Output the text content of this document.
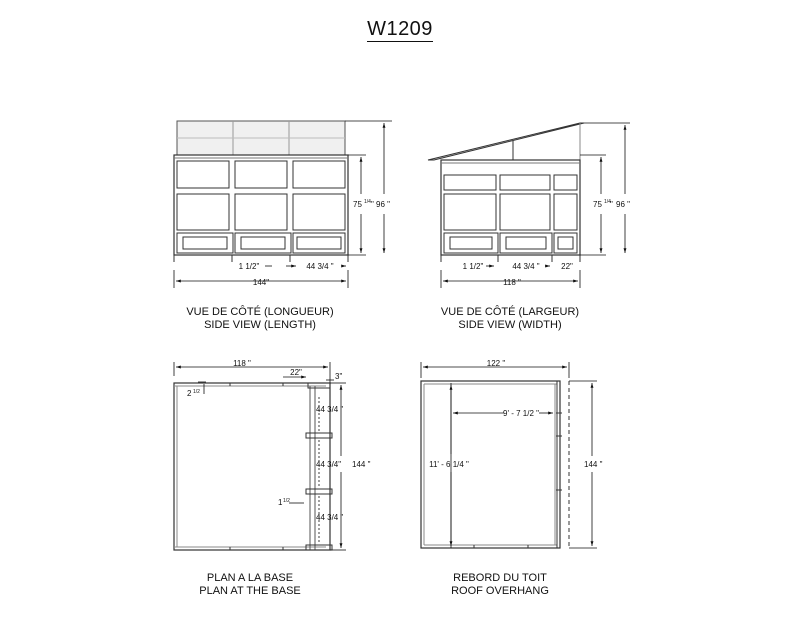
W1209
1 1/2"	44 3/4 "
144"
75 1/4 " 96 "
1 1/2"	44 3/4 "	22"
118 "
75 1/4 " 96 "
118 "
22"	3"
2 1/2
44 3/4 "
44 3/4"
44 3/4 "
1 1/2
144 "
122 "
9' - 7 1/2 "
11' - 6 1/4 "	144 "
VUE DE CÔTÉ (LONGUEUR)
SIDE VIEW (LENGTH)
VUE DE CÔTÉ (LARGEUR)
SIDE VIEW (WIDTH)
PLAN A LA BASE
PLAN AT THE BASE
REBORD DU TOIT
ROOF OVERHANG
